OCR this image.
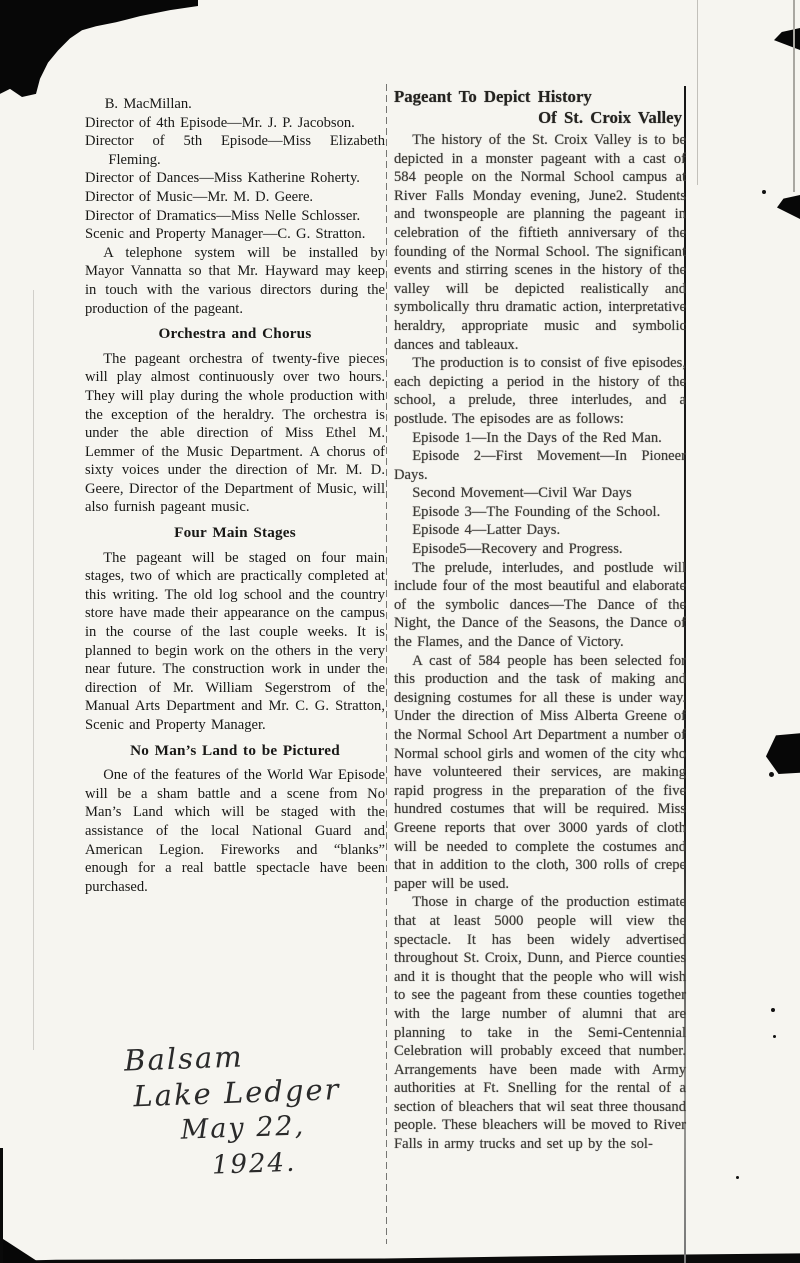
B. MacMillan.

Director of 4th Episode—Mr. J. P. Jacobson.

Director of 5th Episode—Miss Elizabeth Fleming.

Director of Dances—Miss Katherine Roherty.

Director of Music—Mr. M. D. Geere.

Director of Dramatics—Miss Nelle Schlosser.

Scenic and Property Manager—C. G. Stratton.

A telephone system will be installed by Mayor Vannatta so that Mr. Hayward may keep in touch with the various directors during the production of the pageant.

Orchestra and Chorus

The pageant orchestra of twenty-five pieces will play almost continuously over two hours. They will play during the whole production with the exception of the heraldry. The orchestra is under the able direction of Miss Ethel M. Lemmer of the Music Department. A chorus of sixty voices under the direction of Mr. M. D. Geere, Director of the Department of Music, will also furnish pageant music.

Four Main Stages

The pageant will be staged on four main stages, two of which are practically completed at this writing. The old log school and the country store have made their appearance on the campus in the course of the last couple weeks. It is planned to begin work on the others in the very near future. The construction work in under the direction of Mr. William Segerstrom of the Manual Arts Department and Mr. C. G. Stratton, Scenic and Property Manager.

No Man’s Land to be Pictured

One of the features of the World War Episode will be a sham battle and a scene from No Man’s Land which will be staged with the assistance of the local National Guard and American Legion. Fireworks and “blanks” enough for a real battle spectacle have been purchased.

Pageant To Depict History
Of St. Croix Valley

The history of the St. Croix Valley is to be depicted in a monster pageant with a cast of 584 people on the Normal School campus at River Falls Monday evening, June2. Students and twonspeople are planning the pageant in celebration of the fiftieth anniversary of the founding of the Normal School. The significant events and stirring scenes in the history of the valley will be depicted realistically and symbolically thru dramatic action, interpretative heraldry, appropriate music and symbolic dances and tableaux.

The production is to consist of five episodes, each depicting a period in the history of the school, a prelude, three interludes, and a postlude. The episodes are as follows:

Episode 1—In the Days of the Red Man.

Episode 2—First Movement—In Pioneer Days.

Second Movement—Civil War Days

Episode 3—The Founding of the School.

Episode 4—Latter Days.

Episode5—Recovery and Progress.

The prelude, interludes, and postlude will include four of the most beautiful and elaborate of the symbolic dances—The Dance of the Night, the Dance of the Seasons, the Dance of the Flames, and the Dance of Victory.

A cast of 584 people has been selected for this production and the task of making and designing costumes for all these is under way. Under the direction of Miss Alberta Greene of the Normal School Art Department a number of Normal school girls and women of the city who have volunteered their services, are making rapid progress in the preparation of the five hundred costumes that will be required. Miss Greene reports that over 3000 yards of cloth will be needed to complete the costumes and that in addition to the cloth, 300 rolls of crepe paper will be used.

Those in charge of the production estimate that at least 5000 people will view the spectacle. It has been widely advertised throughout St. Croix, Dunn, and Pierce counties and it is thought that the people who will wish to see the pageant from these counties together with the large number of alumni that are planning to take in the Semi-Centennial Celebration will probably exceed that number. Arrangements have been made with Army authorities at Ft. Snelling for the rental of a section of bleachers that wil seat three thousand people. These bleachers will be moved to River Falls in army trucks and set up by the sol-

Balsam
Lake Ledger
May 22,
1924.
